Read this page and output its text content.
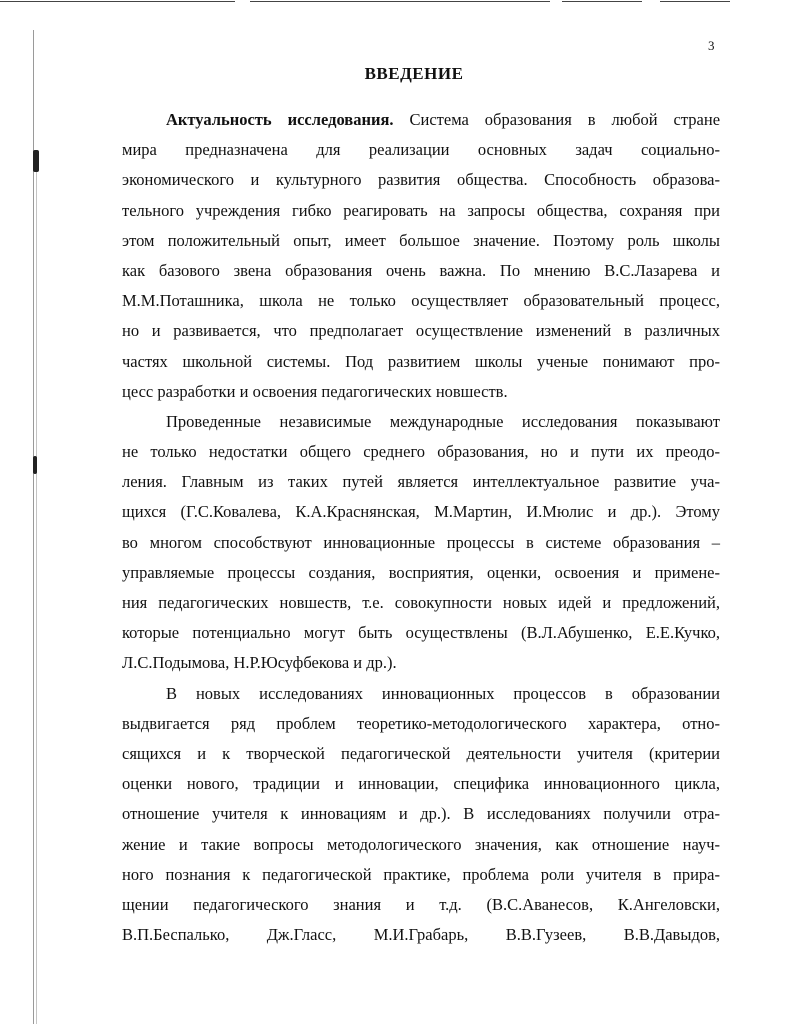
3
ВВЕДЕНИЕ
Актуальность исследования. Система образования в любой стране
мира предназначена для реализации основных задач социально-
экономического и культурного развития общества. Способность образова-
тельного учреждения гибко реагировать на запросы общества, сохраняя при
этом положительный опыт, имеет большое значение. Поэтому роль школы
как базового звена образования очень важна. По мнению В.С.Лазарева и
М.М.Поташника, школа не только осуществляет образовательный процесс,
но и развивается, что предполагает осуществление изменений в различных
частях школьной системы. Под развитием школы ученые понимают про-
цесс разработки и освоения педагогических новшеств.
Проведенные независимые международные исследования показывают
не только недостатки общего среднего образования, но и пути их преодо-
ления. Главным из таких путей является интеллектуальное развитие уча-
щихся (Г.С.Ковалева, К.А.Краснянская, М.Мартин, И.Мюлис и др.). Этому
во многом способствуют инновационные процессы в системе образования –
управляемые процессы создания, восприятия, оценки, освоения и примене-
ния педагогических новшеств, т.е. совокупности новых идей и предложений,
которые потенциально могут быть осуществлены (В.Л.Абушенко, Е.Е.Кучко,
Л.С.Подымова, Н.Р.Юсуфбекова и др.).
В новых исследованиях инновационных процессов в образовании
выдвигается ряд проблем теоретико-методологического характера, отно-
сящихся и к творческой педагогической деятельности учителя (критерии
оценки нового, традиции и инновации, специфика инновационного цикла,
отношение учителя к инновациям и др.). В исследованиях получили отра-
жение и такие вопросы методологического значения, как отношение науч-
ного познания к педагогической практике, проблема роли учителя в прира-
щении педагогического знания и т.д. (В.С.Аванесов, К.Ангеловски,
В.П.Беспалько, Дж.Гласс, М.И.Грабарь, В.В.Гузеев, В.В.Давыдов,
